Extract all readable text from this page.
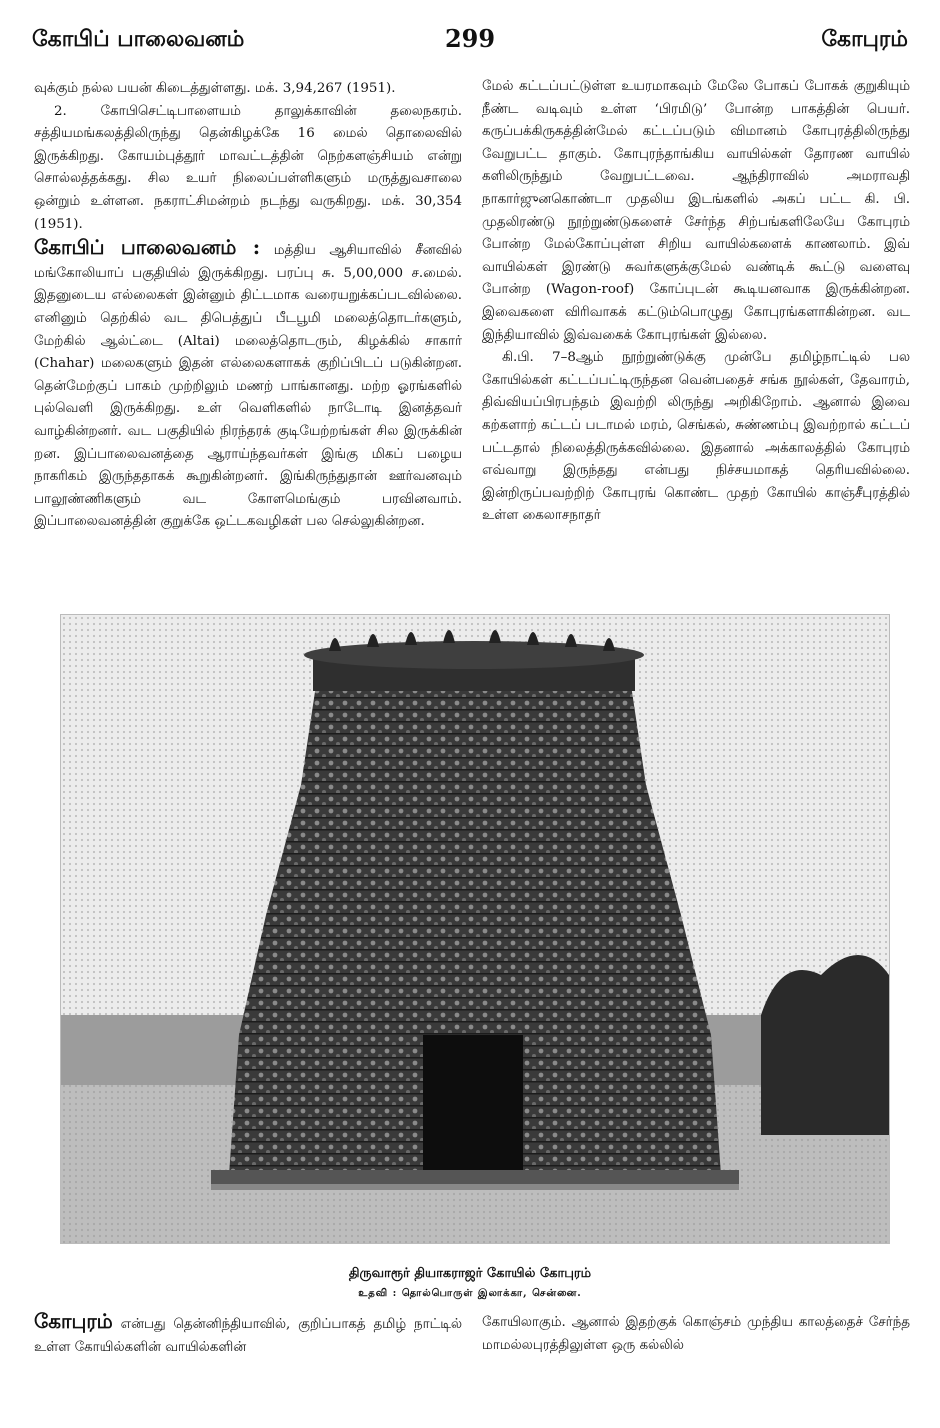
கோபிப் பாலைவனம்	299	கோபுரம்

வுக்கும் நல்ல பயன் கிடைத்துள்ளது. மக். 3,94,267 (1951).

2. கோபிசெட்டிபாளையம் தாலுக்காவின் தலைநகரம். சத்தியமங்கலத்திலிருந்து தென்கிழக்கே 16 மைல் தொலைவில் இருக்கிறது. கோயம்புத்தூர் மாவட்டத்தின் நெற்களஞ்சியம் என்று சொல்லத்தக்கது. சில உயர் நிலைப்பள்ளிகளும் மருத்துவசாலை ஒன்றும் உள்ளன. நகராட்சிமன்றம் நடந்து வருகிறது. மக். 30,354 (1951).

கோபிப் பாலைவனம் : மத்திய ஆசியாவில் சீனவில் மங்கோலியாப் பகுதியில் இருக்கிறது. பரப்பு சு. 5,00,000 ச.மைல். இதனுடைய எல்லைகள் இன்னும் திட்டமாக வரையறுக்கப்படவில்லை. எனினும் தெற்கில் வட திபெத்துப் பீடபூமி மலைத்தொடர்களும், மேற்கில் ஆல்ட்டை (Altai) மலைத்தொடரும், கிழக்கில் சாகார் (Chahar) மலைகளும் இதன் எல்லைகளாகக் குறிப்பிடப் படுகின்றன. தென்மேற்குப் பாகம் முற்றிலும் மணற் பாங்கானது. மற்ற ஓரங்களில் புல்வெளி இருக்கிறது. உள் வெளிகளில் நாடோடி இனத்தவர் வாழ்கின்றனர். வட பகுதியில் நிரந்தரக் குடியேற்றங்கள் சில இருக்கின் றன. இப்பாலைவனத்தை ஆராய்ந்தவர்கள் இங்கு மிகப் பழைய நாகரிகம் இருந்ததாகக் கூறுகின்றனர். இங்கிருந்துதான் ஊர்வனவும் பாலூண்ணிகளும் வட கோளமெங்கும் பரவினவாம். இப்பாலைவனத்தின் குறுக்கே ஒட்டகவழிகள் பல செல்லுகின்றன.

மேல் கட்டப்பட்டுள்ள உயரமாகவும் மேலே போகப் போகக் குறுகியும் நீண்ட வடிவும் உள்ள ‘பிரமிடு’ போன்ற பாகத்தின் பெயர். கருப்பக்கிருகத்தின்மேல் கட்டப்படும் விமானம் கோபுரத்திலிருந்து வேறுபட்ட தாகும். கோபுரந்தாங்கிய வாயில்கள் தோரண வாயில் களிலிருந்தும் வேறுபட்டவை. ஆந்திராவில் அமராவதி நாகார்ஜுனகொண்டா முதலிய இடங்களில் அகப் பட்ட கி. பி. முதலிரண்டு நூற்றுண்டுகளைச் சேர்ந்த சிற்பங்களிலேயே கோபுரம் போன்ற மேல்கோப்புள்ள சிறிய வாயில்களைக் காணலாம். இவ் வாயில்கள் இரண்டு சுவர்களுக்குமேல் வண்டிக் கூட்டு வளைவு போன்ற (Wagon-roof) கோப்புடன் கூடியனவாக இருக்கின்றன. இவைகளை விரிவாகக் கட்டும்பொழுது கோபுரங்களாகின்றன. வட இந்தியாவில் இவ்வகைக் கோபுரங்கள் இல்லை.

கி.பி. 7–8ஆம் நூற்றுண்டுக்கு முன்பே தமிழ்நாட்டில் பல கோயில்கள் கட்டப்பட்டிருந்தன வென்பதைச் சங்க நூல்கள், தேவாரம், திவ்வியப்பிரபந்தம் இவற்றி லிருந்து அறிகிறோம். ஆனால் இவை கற்களாற் கட்டப் படாமல் மரம், செங்கல், சுண்ணம்பு இவற்றால் கட்டப் பட்டதால் நிலைத்திருக்கவில்லை. இதனால் அக்காலத்தில் கோபுரம் எவ்வாறு இருந்தது என்பது நிச்சயமாகத் தெரியவில்லை. இன்றிருப்பவற்றிற் கோபுரங் கொண்ட முதற் கோயில் காஞ்சீபுரத்தில் உள்ள கைலாசநாதர்

திருவாரூர் தியாகராஜர் கோயில் கோபுரம்
உதவி : தொல்பொருள் இலாக்கா, சென்னை.

கோபுரம் என்பது தென்னிந்தியாவில், குறிப்பாகத் தமிழ் நாட்டில் உள்ள கோயில்களின் வாயில்களின்

கோயிலாகும். ஆனால் இதற்குக் கொஞ்சம் முந்திய காலத்தைச் சேர்ந்த மாமல்லபுரத்திலுள்ள ஒரு கல்லில்
